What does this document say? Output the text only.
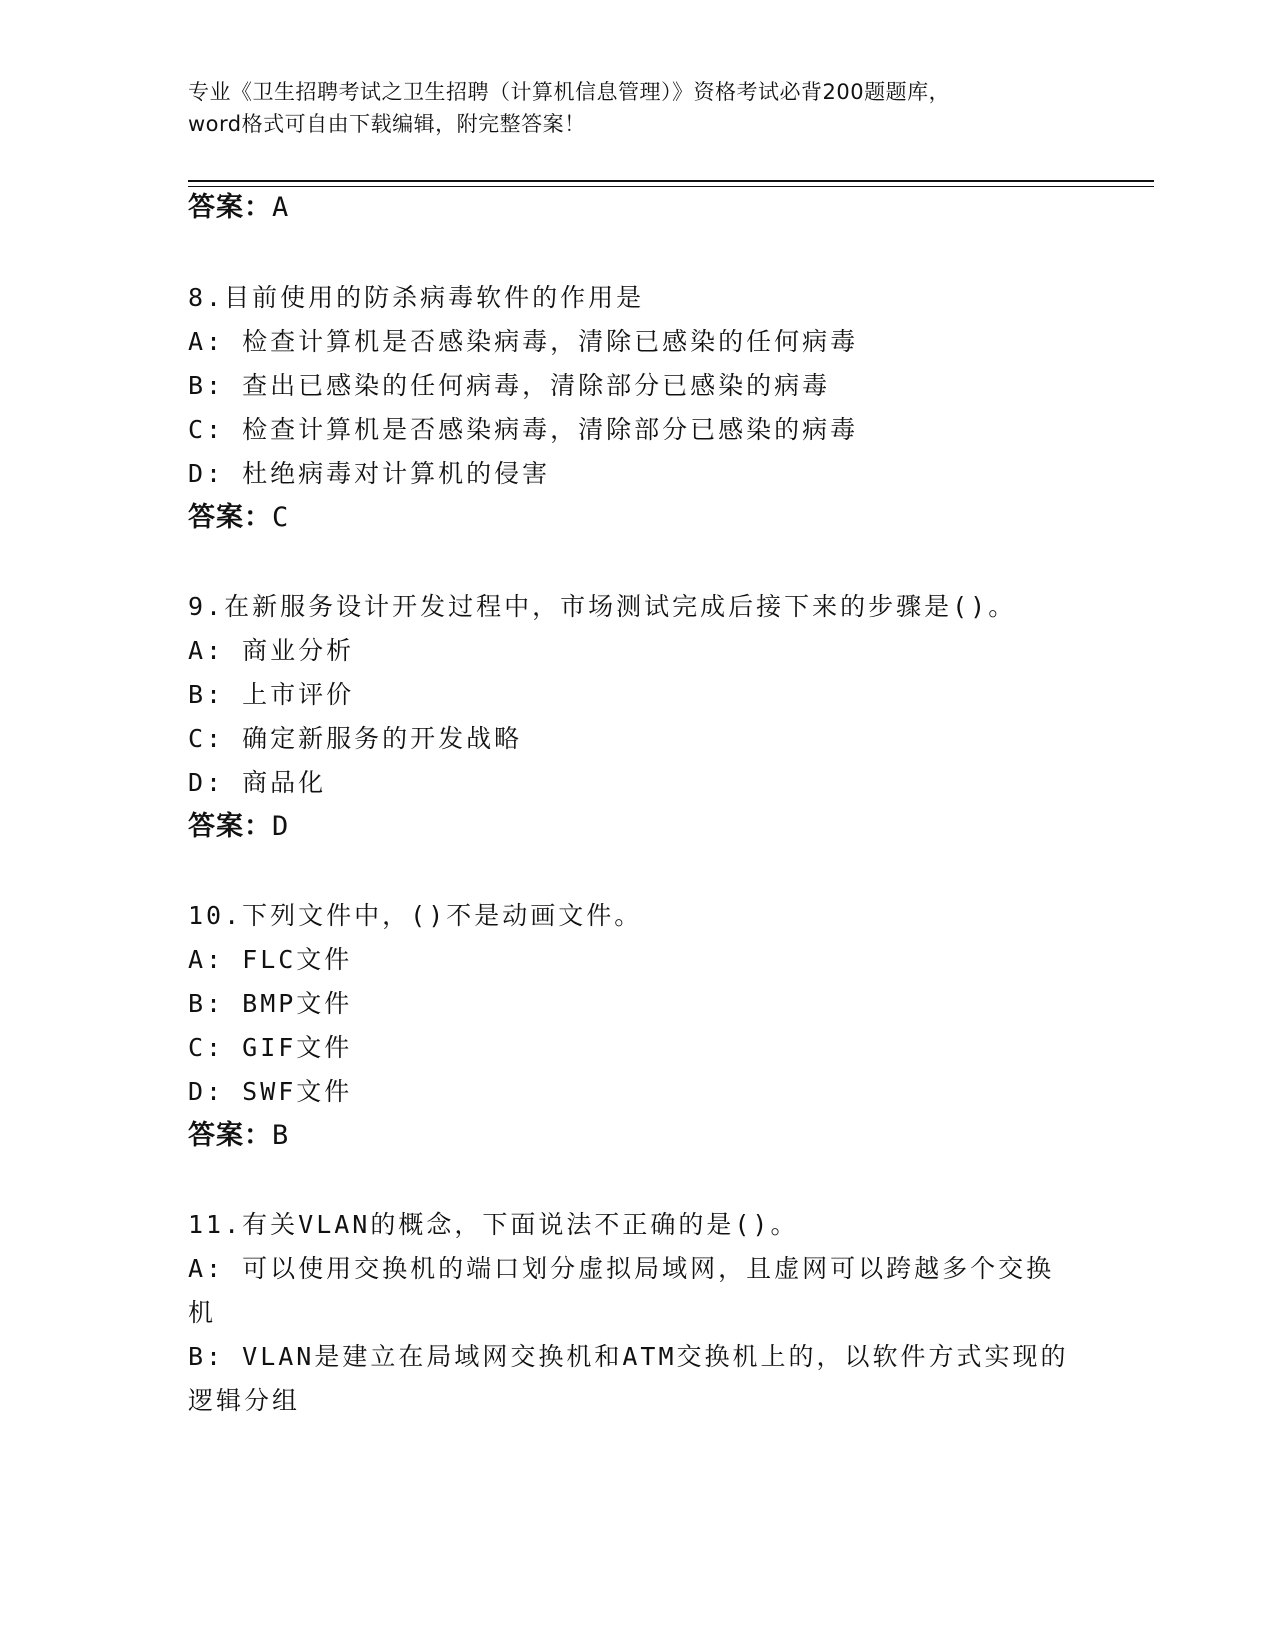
专业《卫生招聘考试之卫生招聘（计算机信息管理）》资格考试必背200题题库，
word格式可自由下载编辑，附完整答案！
答案：A
8.目前使用的防杀病毒软件的作用是
A: 检查计算机是否感染病毒，清除已感染的任何病毒
B: 查出已感染的任何病毒，清除部分已感染的病毒
C: 检查计算机是否感染病毒，清除部分已感染的病毒
D: 杜绝病毒对计算机的侵害
答案：C
9.在新服务设计开发过程中，市场测试完成后接下来的步骤是()。
A: 商业分析
B: 上市评价
C: 确定新服务的开发战略
D: 商品化
答案：D
10.下列文件中，()不是动画文件。
A: FLC文件
B: BMP文件
C: GIF文件
D: SWF文件
答案：B
11.有关VLAN的概念，下面说法不正确的是()。
A: 可以使用交换机的端口划分虚拟局域网，且虚网可以跨越多个交换
机
B: VLAN是建立在局域网交换机和ATM交换机上的，以软件方式实现的
逻辑分组
